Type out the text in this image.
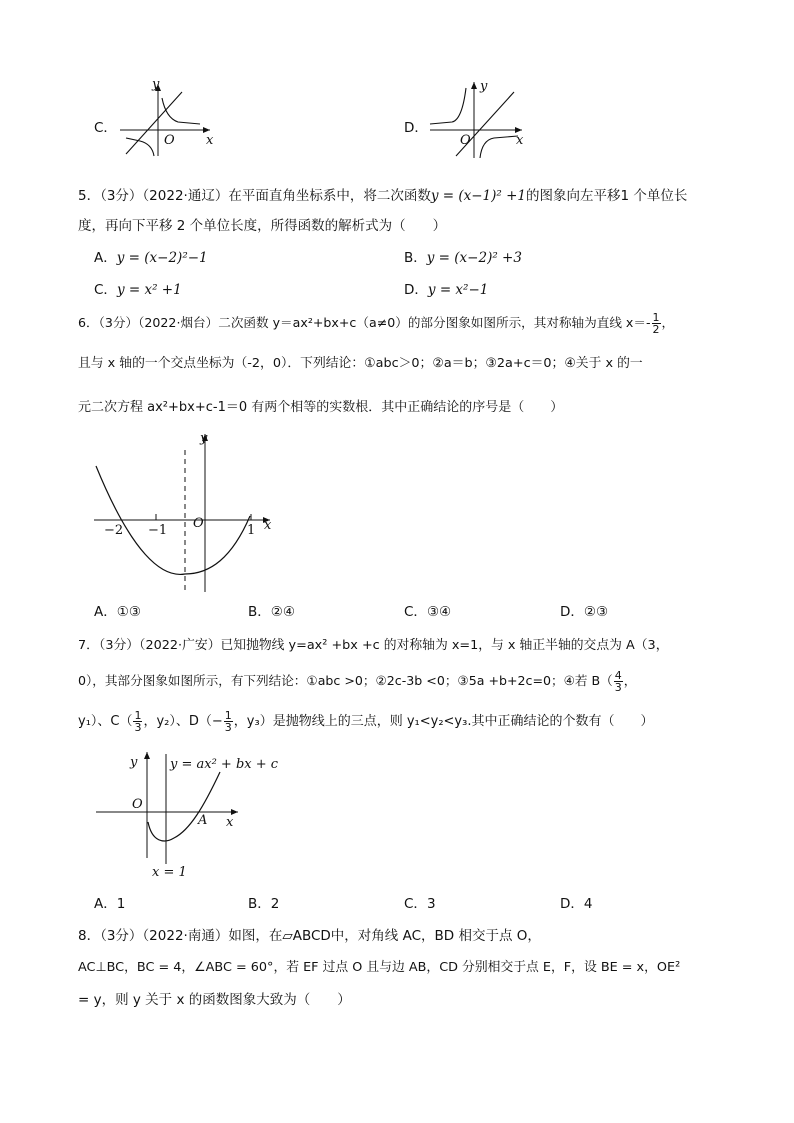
C．
y
x
O
D．
y
x
O
5．（3分）（2022·通辽）在平面直角坐标系中，将二次函数y = (x−1)² +1的图象向左平移1 个单位长
度，再向下平移 2 个单位长度，所得函数的解析式为（　　）
A．y = (x−2)²−1	B．y = (x−2)² +3
C．y = x² +1	D．y = x²−1
6．（3分）（2022·烟台）二次函数 y＝ax²+bx+c（a≠0）的部分图象如图所示，其对称轴为直线 $x=- \frac{1}{2}$ ，
且与 x 轴的一个交点坐标为（-2，0）．下列结论：①abc＞0；②a＝b；③2a+c＝0；④关于 x 的一
元二次方程 ax²+bx+c-1＝0 有两个相等的实数根．其中正确结论的序号是（　　）
y
x
O
−2 −1	1
A．①③	B．②④	C．③④	D．②③
7．（3分）（2022·广安）已知抛物线 y=ax² +bx +c 的对称轴为 x=1，与 x 轴正半轴的交点为 A（3，
0），其部分图象如图所示，有下列结论：①abc >0；②2c-3b <0；③5a +b+2c=0；④若 $B( \frac{4}{3}$ ，
y₁）、$C( \frac{1}{3}$ ，y₂）、$D(- \frac{1}{3}$ ，y₃）是抛物线上的三点，则 y₁<y₂<y₃.其中正确结论的个数有（　　）
y = ax² + bx + c
y
x
O
A
x = 1
A．1	B．2	C．3	D．4
8．（3分）（2022·南通）如图，在▱ABCD中，对角线 AC，BD 相交于点 O，
AC⊥BC，BC = 4，∠ABC = 60°，若 EF 过点 O 且与边 AB，CD 分别相交于点 E，F，设 BE = x，OE²
= y，则 y 关于 x 的函数图象大致为（　　）
